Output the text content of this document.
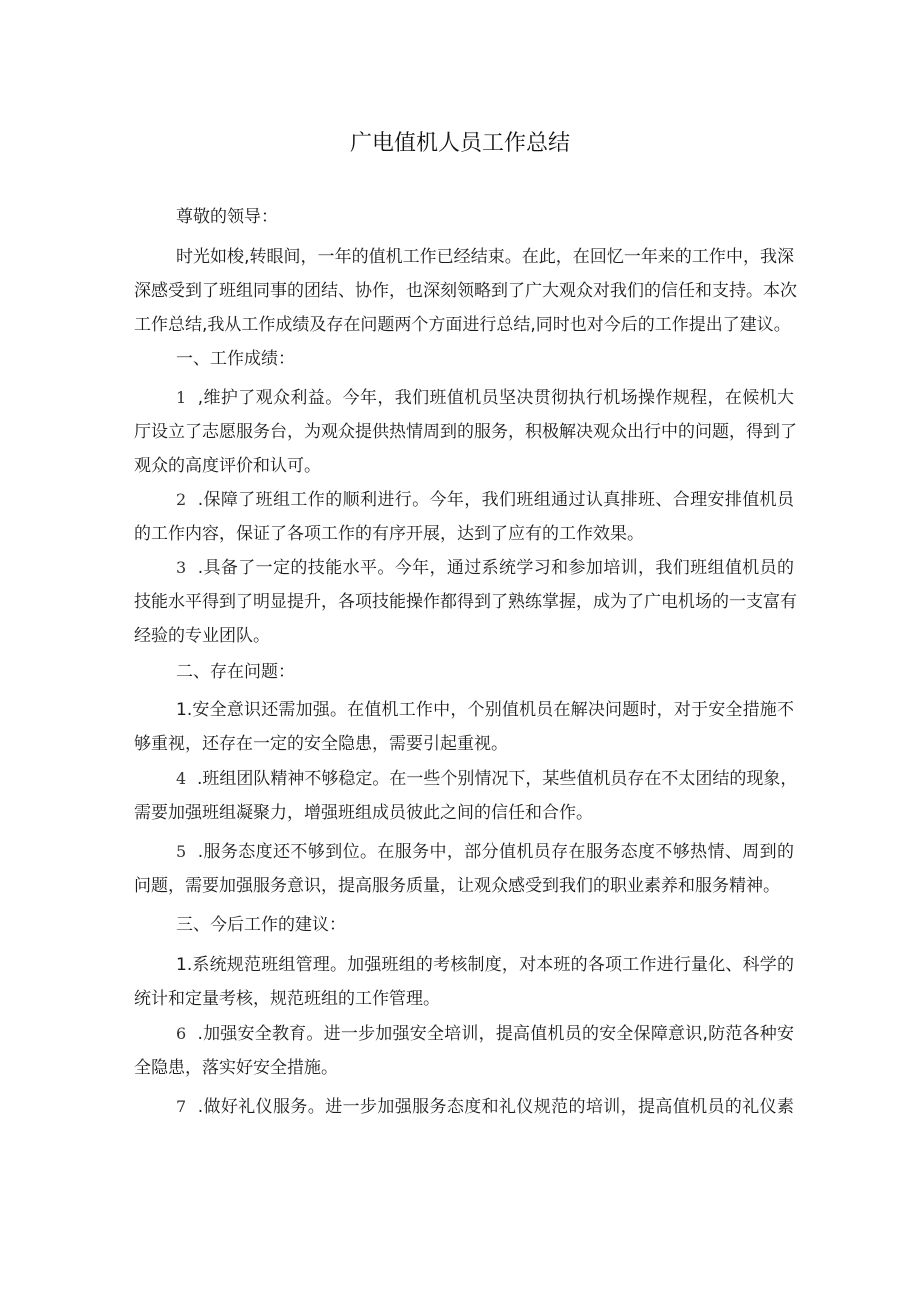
广电值机人员工作总结
尊敬的领导：
时光如梭,转眼间，一年的值机工作已经结束。在此，在回忆一年来的工作中，我深
深感受到了班组同事的团结、协作，也深刻领略到了广大观众对我们的信任和支持。本次
工作总结,我从工作成绩及存在问题两个方面进行总结,同时也对今后的工作提出了建议。
一、工作成绩：
1 ,维护了观众利益。今年，我们班值机员坚决贯彻执行机场操作规程，在候机大
厅设立了志愿服务台，为观众提供热情周到的服务，积极解决观众出行中的问题，得到了
观众的高度评价和认可。
2 .保障了班组工作的顺利进行。今年，我们班组通过认真排班、合理安排值机员
的工作内容，保证了各项工作的有序开展，达到了应有的工作效果。
3 .具备了一定的技能水平。今年，通过系统学习和参加培训，我们班组值机员的
技能水平得到了明显提升，各项技能操作都得到了熟练掌握，成为了广电机场的一支富有
经验的专业团队。
二、存在问题：
1.安全意识还需加强。在值机工作中，个别值机员在解决问题时，对于安全措施不
够重视，还存在一定的安全隐患，需要引起重视。
4 .班组团队精神不够稳定。在一些个别情况下，某些值机员存在不太团结的现象，
需要加强班组凝聚力，增强班组成员彼此之间的信任和合作。
5 .服务态度还不够到位。在服务中，部分值机员存在服务态度不够热情、周到的
问题，需要加强服务意识，提高服务质量，让观众感受到我们的职业素养和服务精神。
三、今后工作的建议：
1.系统规范班组管理。加强班组的考核制度，对本班的各项工作进行量化、科学的
统计和定量考核，规范班组的工作管理。
6 .加强安全教育。进一步加强安全培训，提高值机员的安全保障意识,防范各种安
全隐患，落实好安全措施。
7 .做好礼仪服务。进一步加强服务态度和礼仪规范的培训，提高值机员的礼仪素
